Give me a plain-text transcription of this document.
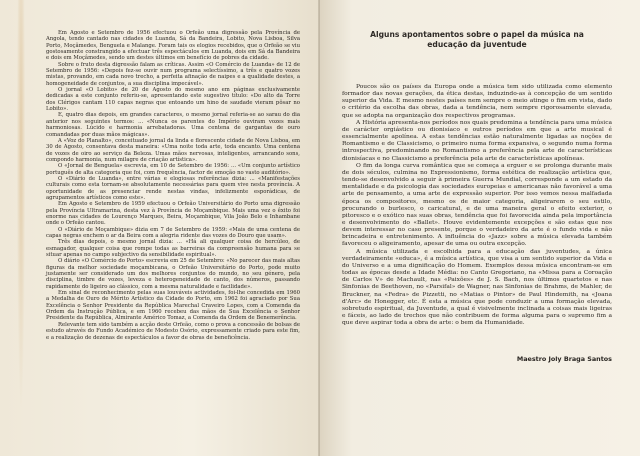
Em Agosto e Setembro de 1956 efectuou o Orfeão uma digressão pela Província de Angola, tendo cantado nas cidades de Luanda, Sá da Bandeira, Lobito, Nova Lisboa, Silva Porto, Moçâmedes, Benguela e Malange. Foram tais os elogios recebidos, que o Orfeão se viu gostosamente constrangido a efectuar três espectáculos em Luanda, dois em Sá da Bandeira e dois em Moçâmedes, sendo um destes últimos em benefício de pobres da cidade.

Sobre o fruto desta digressão falam as críticas. Assim «O Comércio de Luanda» de 12 de Setembro de 1956: «Depois fez-se ouvir num programa selectíssimo, a três e quatro vozes mistas, provando, em cada novo trecho, a perfeita afinação de naipes e a qualidade destes, a homogeneidade de conjuntos, a sua disciplina impecável».

O jornal «O Lobito» de 20 de Agosto do mesmo ano em páginas exclusivamente dedicadas a este conjunto referiu-se, apresentando este sugestivo título: «Do alto da Torre dos Clérigos cantam 110 capas negras que entoando um hino de saudade vieram pôsar no Lobito».

E, quatro dias depois, em grandes caracteres, o mesmo jornal referia-se ao sarau do dia anterior nos seguintes termos: ... «Nunca os parentes do Império ouviram vozes mais harmoniosas. Lúcido e harmonia arrebatadoras. Uma centena de gargantas de ouro comandadas por duas mãos mágicas».

A «Voz do Planalto», conceituado jornal da linda e florescente cidade de Nova Lisboa, em 30 de Agosto, consentava desta maneira: «Uma noite toda arte, toda encanto. Uma centena de vozes de oiro ao serviço da Beleza. Umas mãos nervosas, inteligentes, arrancando sons, compondo harmonia, num milagre de criação artística».

O «Jornal de Benguela» escrevia, em 10 de Setembro de 1956: ... «Um conjunto artístico português de alta categoria que foi, com frequência, factor de emoção no vasto auditório».

O «Diário de Luanda», entre várias e elogiosas referências dizia: ... «Manifestações culturais como esta tornam-se absolutamente necessárias para quem vive nesta província. A oportunidade de as presenciar rende nestas vindas, infelizmente esporádicas, de agrupamentos artísticos como este».

Em Agosto e Setembro de 1959 efectuou o Orfeão Universitário do Porto uma digressão pela Província Ultramarina, desta vez à Província de Moçambique. Mais uma vez o êxito foi enorme nas cidades de Lourenço Marques, Beira, Moçambique, Vila João Belo e Inhambane onde o Orfeão cantou.

O «Diário de Moçambique» dizia em 7 de Setembro de 1959: «Mais de uma centena de capas negras enchem o ar da Beira com a alegria ridente das vozes do Douro que usam».

Três dias depois, o mesmo jornal dizia: ... «Há ali qualquer coisa de hercúleo, de esmagador, qualquer coisa que rompe todas as barreiras da compreensão humana para se situar apenas no campo subjectivo da sensibilidade espiritual».

O diário «O Comércio do Porto» escrevia em 25 de Setembro: «No parecer das mais altas figuras da melhor sociedade moçambicana, o Orfeão Universitário do Porto, pode muito justamente ser considerado um dos melhores conjuntos do mundo, no seu género, pela disciplina, timbre de vozes, leveza e heterogeneidade de canto, dos números, passando rapidamente do ligeiro ao clássico, com a mesma naturalidade e facilidade».

Em sinal de reconhecimento pelas suas louváveis actividades, foi-lhe concedida em 1960 a Medalha de Ouro de Mérito Artístico da Cidade do Porto, em 1962 foi agraciado por Sua Excelência o Senhor Presidente da República Marechal Craveiro Lopes, com a Comenda da Ordem da Instrução Pública, e em 1960 recebeu das mãos de Sua Excelência o Senhor Presidente da República, Almirante Américo Tomaz, a Comenda da Ordem de Benemerência.

Relevante tem sido também a acção deste Orfeão, como o prova a concessão de bolsas de estudo através do Fundo Académico de Modesto Osório, expressamente criado para este fim, e a realização de dezenas de espectáculos a favor de obras de beneficência.

Alguns apontamentos sobre o papel da música na
educação da juventude

Poucos são os países da Europa onde a música tem sido utilizada como elemento formador das novas gerações, da ética destas, induzindo-as à concepção de um sentido superior da Vida. E mesmo nestes países nem sempre o meio atinge o fim em vista, dado o critério da escolha das obras, dada a tendência, nem sempre rigorosamente elevada, que se adopta na organização dos respectivos programas.

A História apresenta-nos períodos nos quais predomina a tendência para uma música de carácter orgiástico ou dionisíaco e outros períodos em que a arte musical é essencialmente apolínea. A estas tendências estão naturalmente ligadas as noções de Romantismo e de Classicismo, o primeiro numa forma expansiva, o segundo numa forma introspectiva, predominando no Romantismo a preferência pela arte de características dionisíacas e no Classicismo a preferência pela arte de características apolíneas.

O fim da longa curva romântica que se começa a erguer e se prolonga durante mais de dois séculos, culmina no Expressionismo, forma estética de realização artística que, tendo-se desenvolvido a seguir à primeira Guerra Mundial, corresponde a um estado da mentalidade e da psicologia das sociedades europeias e americanas não favorável a uma arte de pensamento, a uma arte de expressão superior. Por isso vemos nessa malfadada época os compositores, mesmo os de maior categoria, aligeirarem o seu estilo, procurando o burlesco, o caricatural, e de uma maneira geral o efeito exterior, o pitoresco e o exótico nas suas obras, tendência que foi favorecida ainda pela importância e desenvolvimento do «Ballet». Houve evidentemente excepções e são estas que nos devem interessar no caso presente, porque o verdadeiro da arte é o fundo vida e não brincadeira e entretenimento. A influência do «Jazz» sobre a música elevada também favoreceu o aligeiramento, apesar de uma ou outra excepção.

A música utilizada e escolhida para a educação das juventudes, a única verdadeiramente «educa», é a música artística, que visa a um sentido superior da Vida e do Universo e a uma dignificação do Homem. Exemplos dessa música encontram-se em todas as épocas desde a Idade Média: no Canto Gregoriano, na «Missa para a Coroação de Carlos V» de Machault, nas «Paixões» de J. S. Bach, nos últimos quartetos e nas Sinfonias de Beethoven, no «Parsifal» de Wagner, nas Sinfonias de Brahms, de Mahler, de Bruckner, na «Fedra» de Pizzetti, no «Matias o Pintor» de Paul Hindemith, na «Joana d'Arc» de Honegger, etc. É esta a música que pode conduzir a uma formação elevada, sobretudo espiritual, da Juventude, a qual é visivelmente inclinada a coisas mais ligeiras e fáceis, ao lado de trechos que não contribuem de forma alguma para o supremo fim a que deve aspirar toda a obra de arte: o bem da Humanidade.

Maestro Joly Braga Santos
